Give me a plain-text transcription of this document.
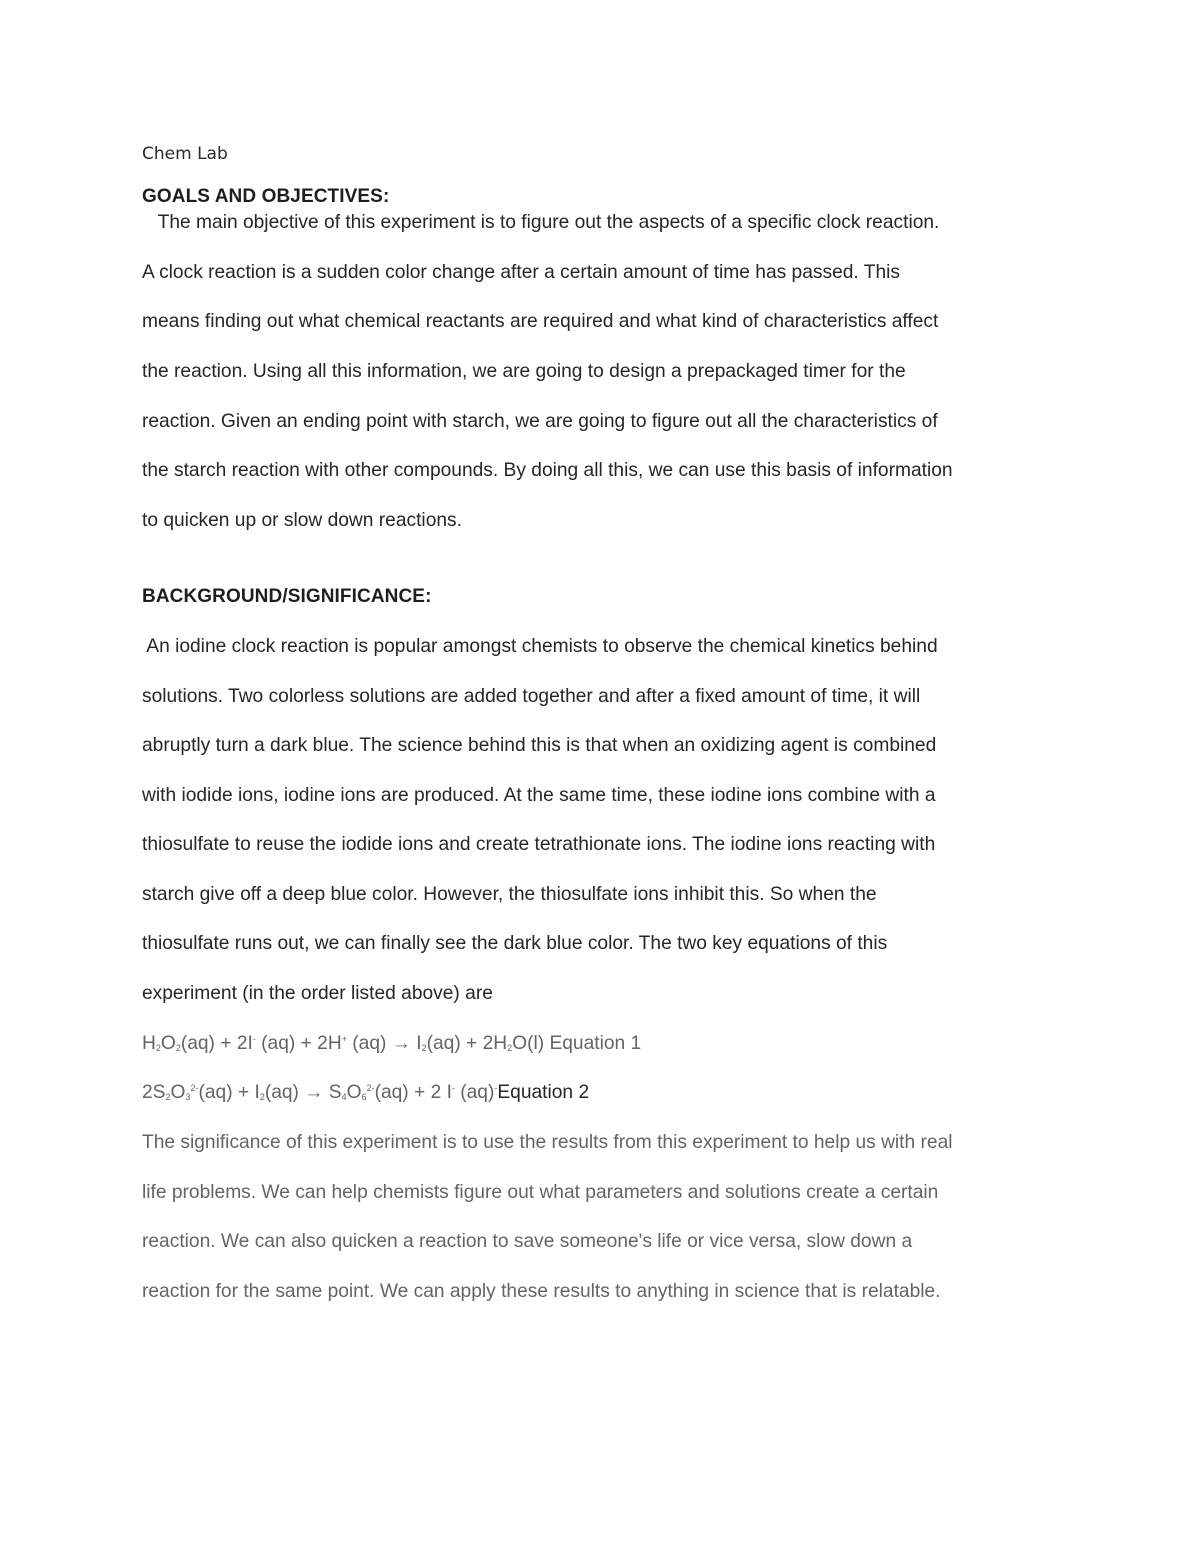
Chem Lab
GOALS AND OBJECTIVES:
The main objective of this experiment is to figure out the aspects of a specific clock reaction.
A clock reaction is a sudden color change after a certain amount of time has passed. This
means finding out what chemical reactants are required and what kind of characteristics affect
the reaction. Using all this information, we are going to design a prepackaged timer for the
reaction. Given an ending point with starch, we are going to figure out all the characteristics of
the starch reaction with other compounds. By doing all this, we can use this basis of information
to quicken up or slow down reactions.
BACKGROUND/SIGNIFICANCE:
An iodine clock reaction is popular amongst chemists to observe the chemical kinetics behind
solutions. Two colorless solutions are added together and after a fixed amount of time, it will
abruptly turn a dark blue. The science behind this is that when an oxidizing agent is combined
with iodide ions, iodine ions are produced. At the same time, these iodine ions combine with a
thiosulfate to reuse the iodide ions and create tetrathionate ions. The iodine ions reacting with
starch give off a deep blue color. However, the thiosulfate ions inhibit this. So when the
thiosulfate runs out, we can finally see the dark blue color. The two key equations of this
experiment (in the order listed above) are
$H_2O_2(aq) + 2I^-$ (aq) + 2H+ $(aq) \to I_2(aq) + 2H_2O(l)$ Equation 1
$2S_2O_3^{2-}(aq) + I_2(aq) \to S_4O_6^{2-}(aq) + 2$ I- (aq)-Equation 2
The significance of this experiment is to use the results from this experiment to help us with real
life problems. We can help chemists figure out what parameters and solutions create a certain
reaction. We can also quicken a reaction to save someone's life or vice versa, slow down a
reaction for the same point. We can apply these results to anything in science that is relatable.
